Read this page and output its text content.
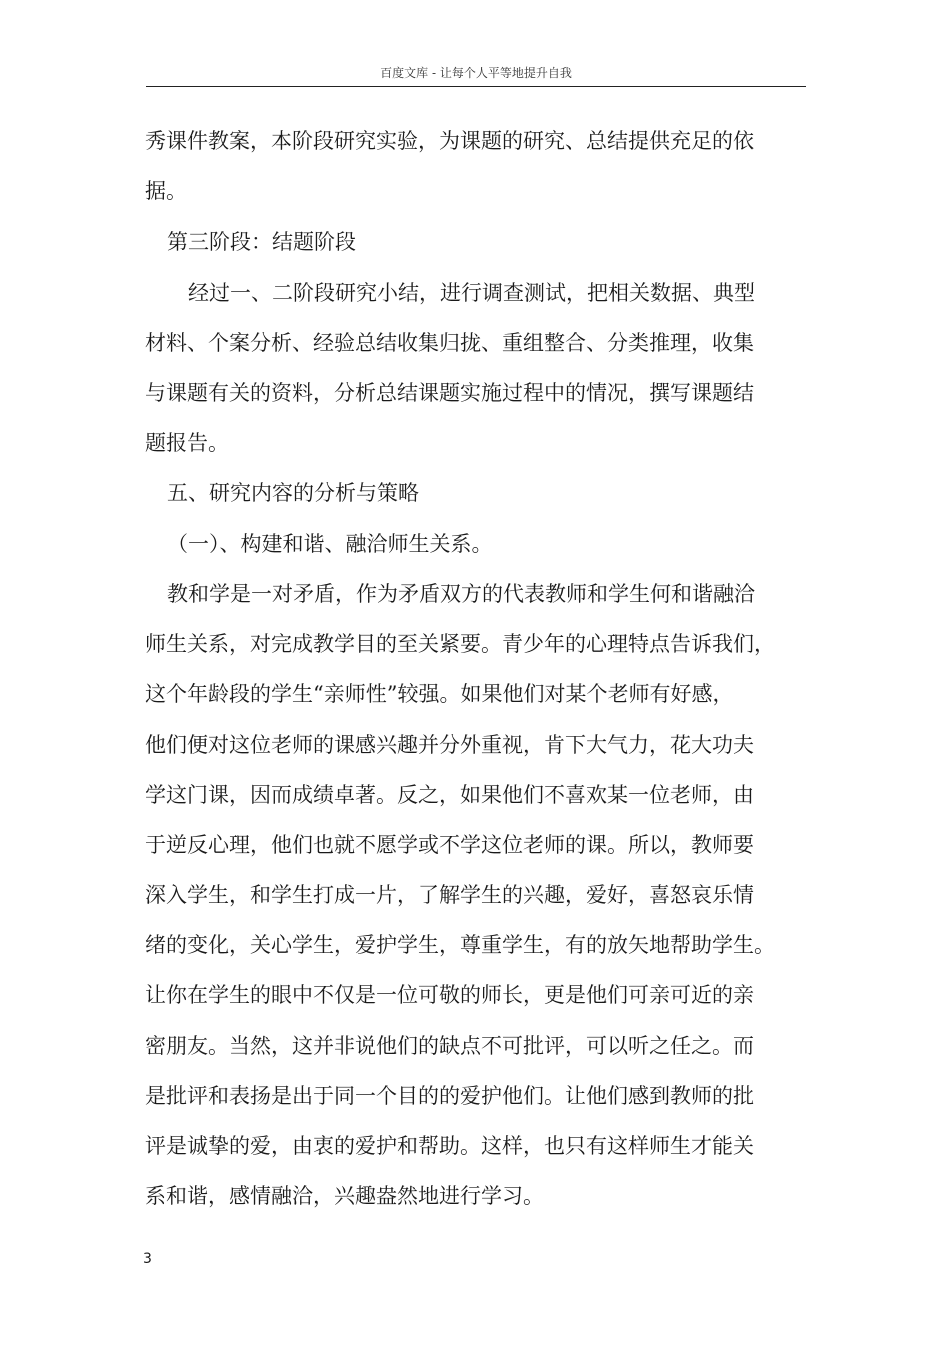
百度文库 - 让每个人平等地提升自我
秀课件教案，本阶段研究实验，为课题的研究、总结提供充足的依
据。
第三阶段：结题阶段
经过一、二阶段研究小结，进行调查测试，把相关数据、典型
材料、个案分析、经验总结收集归拢、重组整合、分类推理，收集
与课题有关的资料，分析总结课题实施过程中的情况，撰写课题结
题报告。
五、研究内容的分析与策略
（一）、构建和谐、融洽师生关系。
教和学是一对矛盾，作为矛盾双方的代表教师和学生何和谐融洽
师生关系，对完成教学目的至关紧要。青少年的心理特点告诉我们，
这个年龄段的学生“亲师性”较强。如果他们对某个老师有好感，
他们便对这位老师的课感兴趣并分外重视，肯下大气力，花大功夫
学这门课，因而成绩卓著。反之，如果他们不喜欢某一位老师，由
于逆反心理，他们也就不愿学或不学这位老师的课。所以，教师要
深入学生，和学生打成一片，了解学生的兴趣，爱好，喜怒哀乐情
绪的变化，关心学生，爱护学生，尊重学生，有的放矢地帮助学生。
让你在学生的眼中不仅是一位可敬的师长，更是他们可亲可近的亲
密朋友。当然，这并非说他们的缺点不可批评，可以听之任之。而
是批评和表扬是出于同一个目的的爱护他们。让他们感到教师的批
评是诚挚的爱，由衷的爱护和帮助。这样，也只有这样师生才能关
系和谐，感情融洽，兴趣盎然地进行学习。
3
